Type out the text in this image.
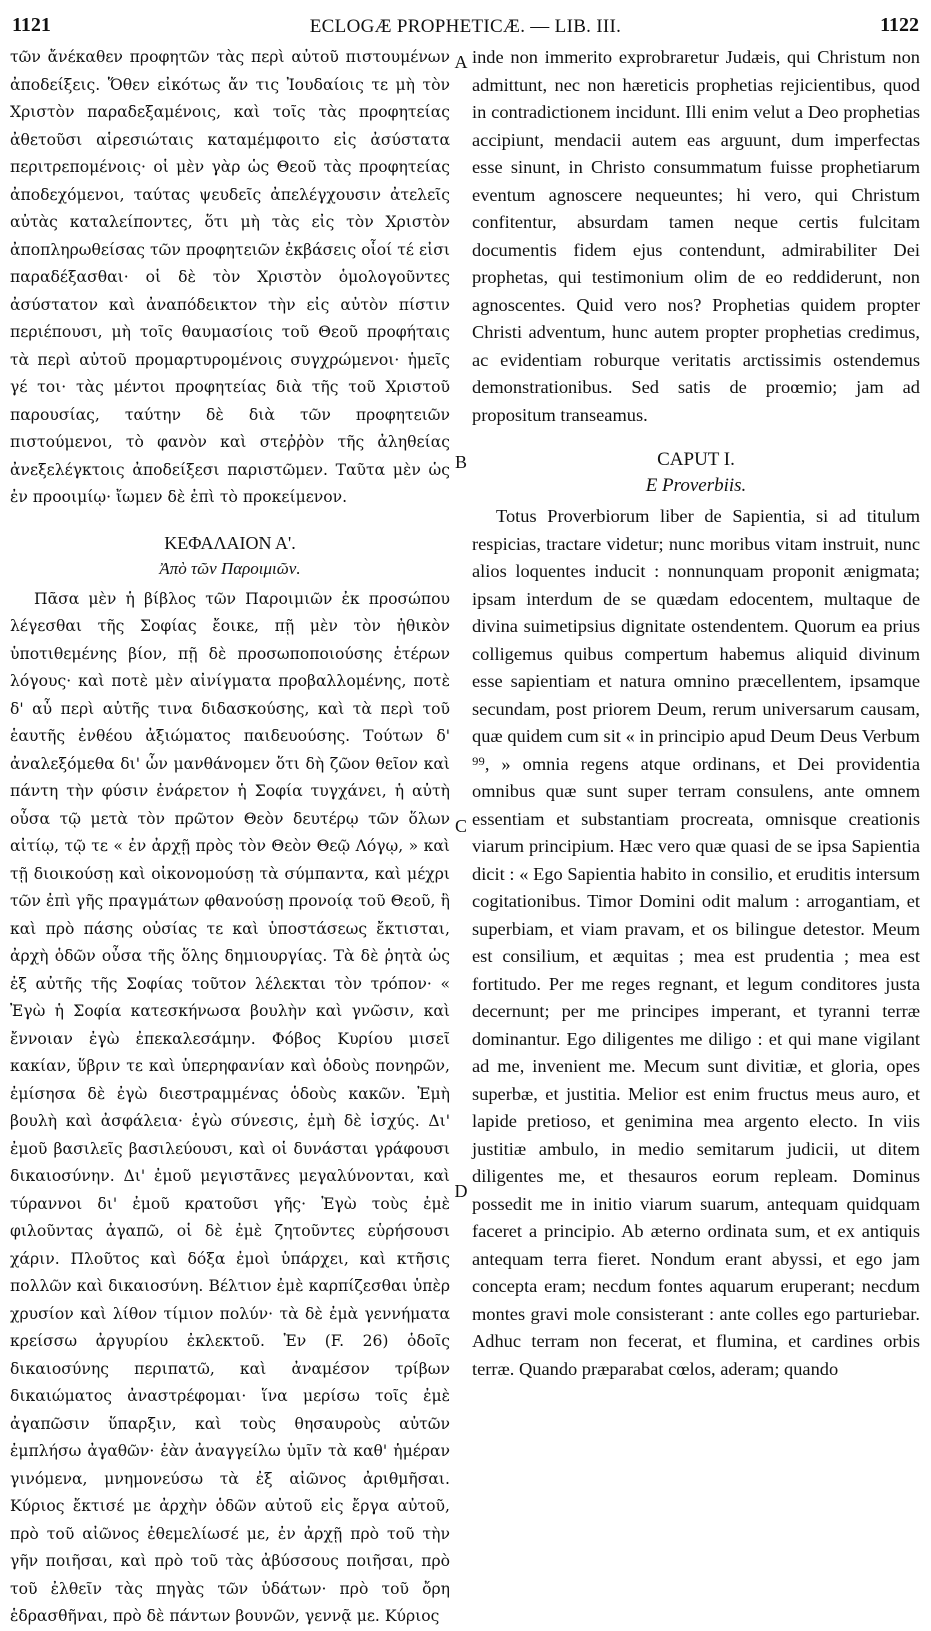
1121	ECLOGÆ PROPHETICÆ. — LIB. III.	1122

τῶν ἄνέκαθεν προφητῶν τὰς περὶ αὐτοῦ πιστουμένων ἀποδείξεις. Ὅθεν εἰκότως ἄν τις Ἰουδαίοις τε μὴ τὸν Χριστὸν παραδεξαμένοις, καὶ τοῖς τὰς προφητείας ἀθετοῦσι αἱρεσιώταις καταμέμφοιτο εἰς ἀσύστατα περιτρεπομένοις· οἱ μὲν γὰρ ὡς Θεοῦ τὰς προφητείας ἀποδεχόμενοι, ταύτας ψευδεῖς ἀπελέγχουσιν ἀτελεῖς αὐτὰς καταλείποντες, ὅτι μὴ τὰς εἰς τὸν Χριστὸν ἀποπληρωθείσας τῶν προφητειῶν ἐκβάσεις οἷοί τέ εἰσι παραδέξασθαι· οἱ δὲ τὸν Χριστὸν ὁμολογοῦντες ἀσύστατον καὶ ἀναπόδεικτον τὴν εἰς αὐτὸν πίστιν περιέπουσι, μὴ τοῖς θαυμασίοις τοῦ Θεοῦ προφήταις τὰ περὶ αὐτοῦ προμαρτυρομένοις συγχρώμενοι· ἡμεῖς γέ τοι· τὰς μέντοι προφητείας διὰ τῆς τοῦ Χριστοῦ παρουσίας, ταύτην δὲ διὰ τῶν προφητειῶν πιστούμενοι, τὸ φανὸν καὶ στεῤῥὸν τῆς ἀληθείας ἀνεξελέγκτοις ἀποδείξεσι παριστῶμεν. Ταῦτα μὲν ὡς ἐν προοιμίῳ· ἴωμεν δὲ ἐπὶ τὸ προκείμενον.

ΚΕΦΑΛΑΙΟΝ Α'.
Ἀπὸ τῶν Παροιμιῶν.

Πᾶσα μὲν ἡ βίβλος τῶν Παροιμιῶν ἐκ προσώπου λέγεσθαι τῆς Σοφίας ἔοικε, πῇ μὲν τὸν ἠθικὸν ὑποτιθεμένης βίον, πῇ δὲ προσωποποιούσης ἑτέρων λόγους· καὶ ποτὲ μὲν αἰνίγματα προβαλλομένης, ποτὲ δ' αὖ περὶ αὐτῆς τινα διδασκούσης, καὶ τὰ περὶ τοῦ ἑαυτῆς ἐνθέου ἀξιώματος παιδευούσης. Τούτων δ' ἀναλεξόμεθα δι' ὧν μανθάνομεν ὅτι δὴ ζῶον θεῖον καὶ πάντη τὴν φύσιν ἐνάρετον ἡ Σοφία τυγχάνει, ἡ αὐτὴ οὖσα τῷ μετὰ τὸν πρῶτον Θεὸν δευτέρῳ τῶν ὅλων αἰτίῳ, τῷ τε « ἐν ἀρχῇ πρὸς τὸν Θεὸν Θεῷ Λόγῳ, » καὶ τῇ διοικούσῃ καὶ οἰκονομούσῃ τὰ σύμπαντα, καὶ μέχρι τῶν ἐπὶ γῆς πραγμάτων φθανούσῃ προνοίᾳ τοῦ Θεοῦ, ἣ καὶ πρὸ πάσης οὐσίας τε καὶ ὑποστάσεως ἔκτισται, ἀρχὴ ὁδῶν οὖσα τῆς ὅλης δημιουργίας. Τὰ δὲ ῥητὰ ὡς ἐξ αὐτῆς τῆς Σοφίας τοῦτον λέλεκται τὸν τρόπον· « Ἐγὼ ἡ Σοφία κατεσκήνωσα βουλὴν καὶ γνῶσιν, καὶ ἔννοιαν ἐγὼ ἐπεκαλεσάμην. Φόβος Κυρίου μισεῖ κακίαν, ὕβριν τε καὶ ὑπερηφανίαν καὶ ὁδοὺς πονηρῶν, ἐμίσησα δὲ ἐγὼ διεστραμμένας ὁδοὺς κακῶν. Ἐμὴ βουλὴ καὶ ἀσφάλεια· ἐγὼ σύνεσις, ἐμὴ δὲ ἰσχύς. Δι' ἐμοῦ βασιλεῖς βασιλεύουσι, καὶ οἱ δυνάσται γράφουσι δικαιοσύνην. Δι' ἐμοῦ μεγιστᾶνες μεγαλύνονται, καὶ τύραννοι δι' ἐμοῦ κρατοῦσι γῆς· Ἐγὼ τοὺς ἐμὲ φιλοῦντας ἀγαπῶ, οἱ δὲ ἐμὲ ζητοῦντες εὑρήσουσι χάριν. Πλοῦτος καὶ δόξα ἐμοὶ ὑπάρχει, καὶ κτῆσις πολλῶν καὶ δικαιοσύνη. Βέλτιον ἐμὲ καρπίζεσθαι ὑπὲρ χρυσίον καὶ λίθον τίμιον πολύν· τὰ δὲ ἐμὰ γεννήματα κρείσσω ἀργυρίου ἐκλεκτοῦ. Ἐν (F. 26) ὁδοῖς δικαιοσύνης περιπατῶ, καὶ ἀναμέσον τρίβων δικαιώματος ἀναστρέφομαι· ἵνα μερίσω τοῖς ἐμὲ ἀγαπῶσιν ὕπαρξιν, καὶ τοὺς θησαυροὺς αὐτῶν ἐμπλήσω ἀγαθῶν· ἐὰν ἀναγγείλω ὑμῖν τὰ καθ' ἡμέραν γινόμενα, μνημονεύσω τὰ ἐξ αἰῶνος ἀριθμῆσαι. Κύριος ἔκτισέ με ἀρχὴν ὁδῶν αὐτοῦ εἰς ἔργα αὐτοῦ, πρὸ τοῦ αἰῶνος ἐθεμελίωσέ με, ἐν ἀρχῇ πρὸ τοῦ τὴν γῆν ποιῆσαι, καὶ πρὸ τοῦ τὰς ἀβύσσους ποιῆσαι, πρὸ τοῦ ἐλθεῖν τὰς πηγὰς τῶν ὑδάτων· πρὸ τοῦ ὄρη ἑδρασθῆναι, πρὸ δὲ πάντων βουνῶν, γεννᾷ με. Κύριος

inde non immerito exprobraretur Judæis, qui Christum non admittunt, nec non hæreticis prophetias rejicientibus, quod in contradictionem incidunt. Illi enim velut a Deo prophetias accipiunt, mendacii autem eas arguunt, dum imperfectas esse sinunt, in Christo consummatum fuisse prophetiarum eventum agnoscere nequeuntes; hi vero, qui Christum confitentur, absurdam tamen neque certis fulcitam documentis fidem ejus contendunt, admirabiliter Dei prophetas, qui testimonium olim de eo reddiderunt, non agnoscentes. Quid vero nos? Prophetias quidem propter Christi adventum, hunc autem propter prophetias credimus, ac evidentiam roburque veritatis arctissimis ostendemus demonstrationibus. Sed satis de proœmio; jam ad propositum transeamus.

CAPUT I.
E Proverbiis.

Totus Proverbiorum liber de Sapientia, si ad titulum respicias, tractare videtur; nunc moribus vitam instruit, nunc alios loquentes inducit : nonnunquam proponit ænigmata; ipsam interdum de se quædam edocentem, multaque de divina suimetipsius dignitate ostendentem. Quorum ea prius colligemus quibus compertum habemus aliquid divinum esse sapientiam et natura omnino præcellentem, ipsamque secundam, post priorem Deum, rerum universarum causam, quæ quidem cum sit « in principio apud Deum Deus Verbum ⁹⁹, » omnia regens atque ordinans, et Dei providentia omnibus quæ sunt super terram consulens, ante omnem essentiam et substantiam procreata, omnisque creationis viarum principium. Hæc vero quæ quasi de se ipsa Sapientia dicit : « Ego Sapientia habito in consilio, et eruditis intersum cogitationibus. Timor Domini odit malum : arrogantiam, et superbiam, et viam pravam, et os bilingue detestor. Meum est consilium, et æquitas ; mea est prudentia ; mea est fortitudo. Per me reges regnant, et legum conditores justa decernunt; per me principes imperant, et tyranni terræ dominantur. Ego diligentes me diligo : et qui mane vigilant ad me, invenient me. Mecum sunt divitiæ, et gloria, opes superbæ, et justitia. Melior est enim fructus meus auro, et lapide pretioso, et genimina mea argento electo. In viis justitiæ ambulo, in medio semitarum judicii, ut ditem diligentes me, et thesauros eorum repleam. Dominus possedit me in initio viarum suarum, antequam quidquam faceret a principio. Ab æterno ordinata sum, et ex antiquis antequam terra fieret. Nondum erant abyssi, et ego jam concepta eram; necdum fontes aquarum eruperant; necdum montes gravi mole consisterant : ante colles ego parturiebar. Adhuc terram non fecerat, et flumina, et cardines orbis terræ. Quando præparabat cœlos, aderam; quando

A
B
C
D
